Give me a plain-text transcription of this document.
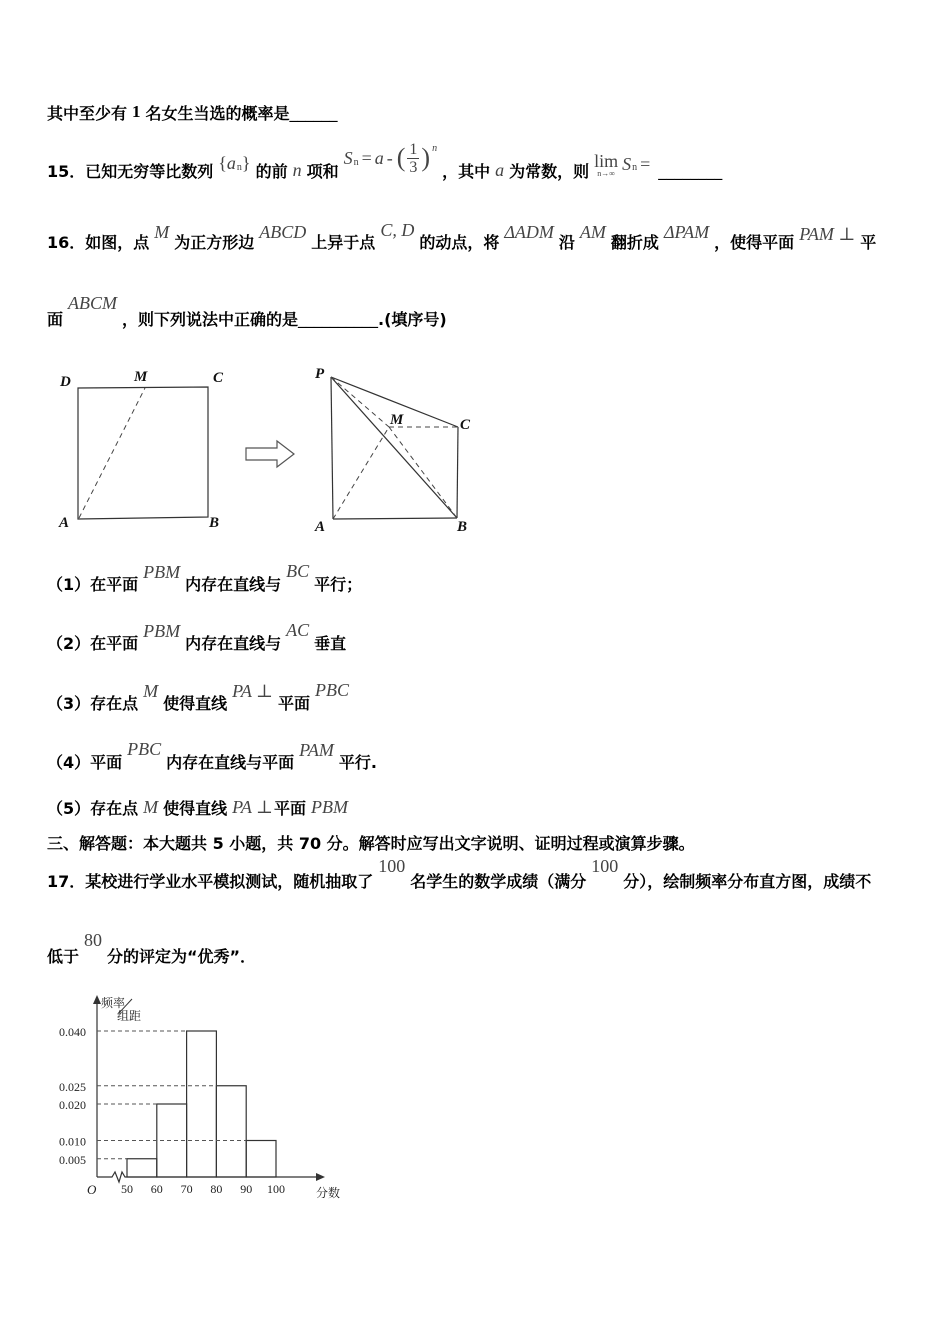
其中至少有 1 名女生当选的概率是 ______
15．已知无穷等比数列 { a n } 的前 n 项和
S n = a - ( $\frac{1}{3}$ ) n
，其中 a 为常数，则 lim
n→∞ S n = ________
16．如图，点 M 为正方形边 ABCD 上异于点
C, D
的动点，将 ΔADM 沿 AM 翻折成 ΔPAM ，使得平面 PAM ⊥ 平
面
ABCM
，则下列说法中正确的是 __________ .(填序号)
D	M	C
A	B
P
M	C
A	B
（1）在平面
PBM
内存在直线与
BC
平行；
（2）在平面
PBM
内存在直线与
AC
垂直
（3）存在点
M
使得直线
PA ⊥
平面
PBC
（4）平面
PBC
内存在直线与平面
PAM
平行.
（5）存在点 M 使得直线 PA ⊥ 平面 PBM
三、解答题：本大题共 5 小题，共 70 分。解答时应写出文字说明、证明过程或演算步骤。
17．某校进行学业水平模拟测试，随机抽取了
100
名学生的数学成绩（满分
100
分），绘制频率分布直方图，成绩不
低于
80
分的评定为“优秀”．
频率
组距
O	分数
0.040
0.025
0.020
0.010
0.005
50 60 70 80 90 100
